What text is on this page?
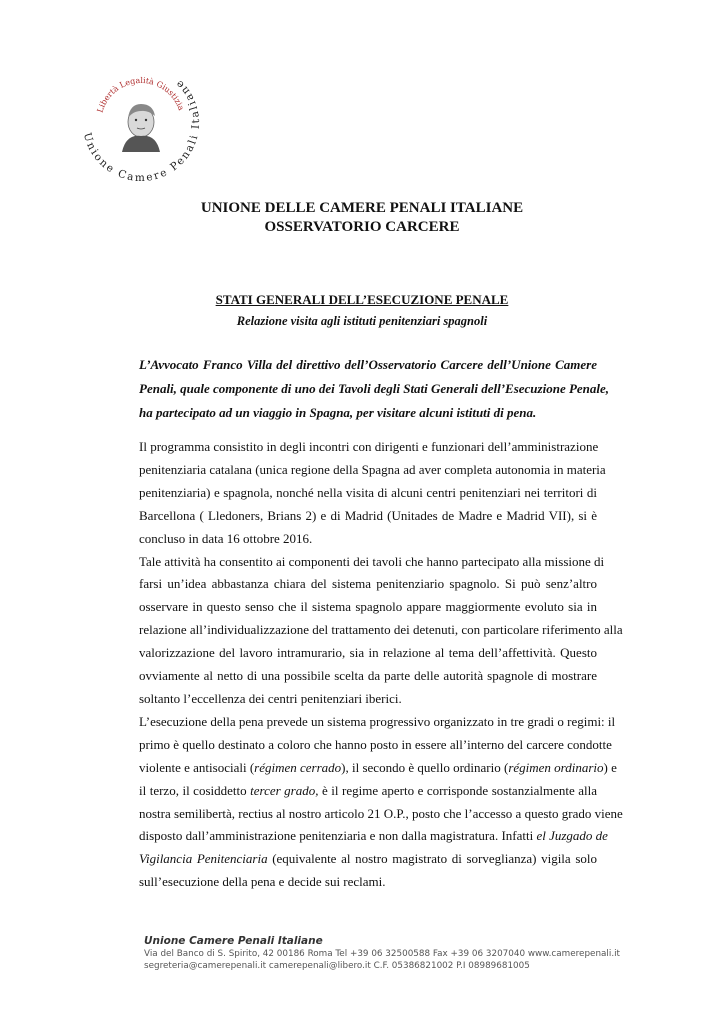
Unione Camere Penali Italiane
Libertà Legalità Giustizia
UNIONE DELLE CAMERE PENALI ITALIANE
OSSERVATORIO CARCERE
STATI GENERALI DELL’ESECUZIONE PENALE
Relazione visita agli istituti penitenziari spagnoli
L’Avvocato Franco Villa del direttivo dell’Osservatorio Carcere dell’Unione Camere
Penali, quale componente di uno dei Tavoli degli Stati Generali dell’Esecuzione Penale,
ha partecipato ad un viaggio in Spagna, per visitare alcuni istituti di pena.

Il programma consistito in degli incontri con dirigenti e funzionari dell’amministrazione
penitenziaria catalana (unica regione della Spagna ad aver completa autonomia in materia
penitenziaria) e spagnola, nonché nella visita di alcuni centri penitenziari nei territori di
Barcellona ( Lledoners, Brians 2) e di Madrid (Unitades de Madre e Madrid VII), si è
concluso in data 16 ottobre 2016.

Tale attività ha consentito ai componenti dei tavoli che hanno partecipato alla missione di
farsi un’idea abbastanza chiara del sistema penitenziario spagnolo. Si può senz’altro
osservare in questo senso che il sistema spagnolo appare maggiormente evoluto sia in
relazione all’individualizzazione del trattamento dei detenuti, con particolare riferimento alla
valorizzazione del lavoro intramurario, sia in relazione al tema dell’affettività. Questo
ovviamente al netto di una possibile scelta da parte delle autorità spagnole di mostrare
soltanto l’eccellenza dei centri penitenziari iberici.

L’esecuzione della pena prevede un sistema progressivo organizzato in tre gradi o regimi: il
primo è quello destinato a coloro che hanno posto in essere all’interno del carcere condotte
violente e antisociali (régimen cerrado), il secondo è quello ordinario (régimen ordinario) e
il terzo, il cosiddetto tercer grado, è il regime aperto e corrisponde sostanzialmente alla
nostra semilibertà, rectius al nostro articolo 21 O.P., posto che l’accesso a questo grado viene
disposto dall’amministrazione penitenziaria e non dalla magistratura. Infatti el Juzgado de
Vigilancia Penitenciaria (equivalente al nostro magistrato di sorveglianza) vigila solo
sull’esecuzione della pena e decide sui reclami.

Unione Camere Penali Italiane
Via del Banco di S. Spirito, 42 00186 Roma Tel +39 06 32500588 Fax +39 06 3207040 www.camerepenali.it
segreteria@camerepenali.it camerepenali@libero.it C.F. 05386821002 P.I 08989681005
